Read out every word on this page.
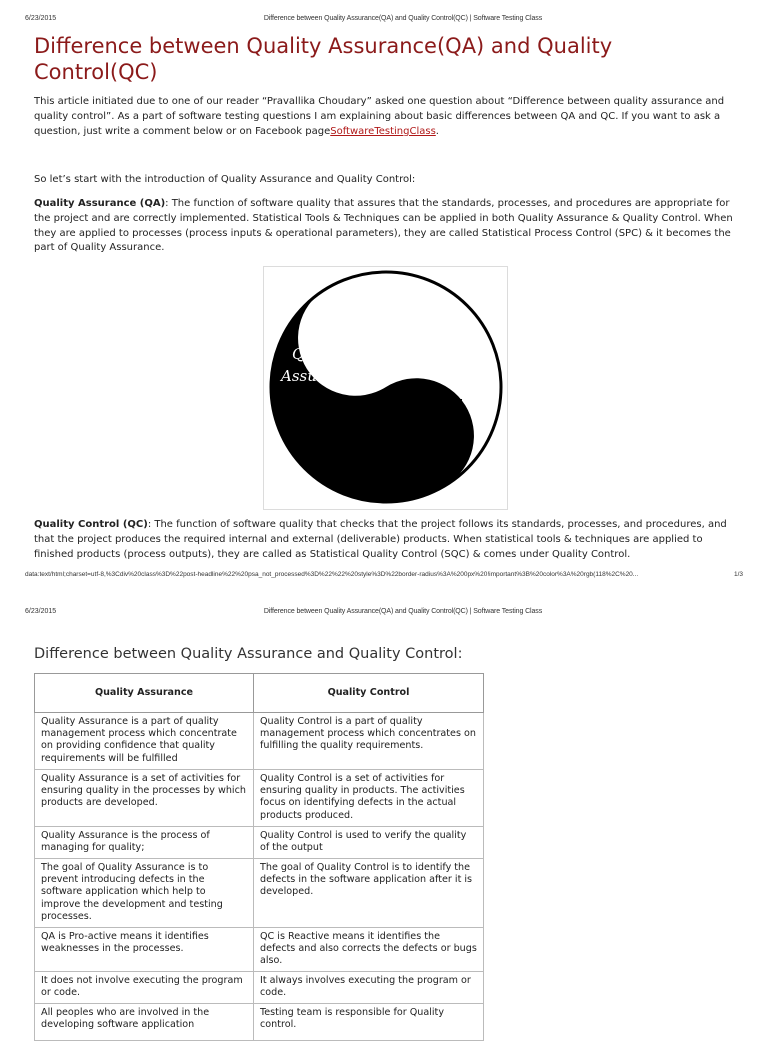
6/23/2015	Difference between Quality Assurance(QA) and Quality Control(QC) | Software Testing Class
Difference between Quality Assurance(QA) and Quality Control(QC)

This article initiated due to one of our reader “Pravallika Choudary” asked one question about “Difference between quality assurance and quality control”. As a part of software testing questions I am explaining about basic differences between QA and QC. If you want to ask a question, just write a comment below or on Facebook pageSoftwareTestingClass.

So let’s start with the introduction of Quality Assurance and Quality Control:

Quality Assurance (QA): The function of software quality that assures that the standards, processes, and procedures are appropriate for the project and are correctly implemented. Statistical Tools & Techniques can be applied in both Quality Assurance & Quality Control. When they are applied to processes (process inputs & operational parameters), they are called Statistical Process Control (SPC) & it becomes the part of Quality Assurance.

Quality
Assurance
Quality
Control

Quality Control (QC): The function of software quality that checks that the project follows its standards, processes, and procedures, and that the project produces the required internal and external (deliverable) products. When statistical tools & techniques are applied to finished products (process outputs), they are called as Statistical Quality Control (SQC) & comes under Quality Control.

data:text/html;charset=utf-8,%3Cdiv%20class%3D%22post-headline%22%20psa_not_processed%3D%22%22%20style%3D%22border-radius%3A%200px%20!important%3B%20color%3A%20rgb(118%2C%20...	1/3
6/23/2015	Difference between Quality Assurance(QA) and Quality Control(QC) | Software Testing Class
Difference between Quality Assurance and Quality Control:
Quality Assurance	Quality Control
Quality Assurance is a part of quality management process which concentrate on providing confidence that quality requirements will be fulfilled	Quality Control is a part of quality management process which concentrates on fulfilling the quality requirements.
Quality Assurance is a set of activities for ensuring quality in the processes by which products are developed.	Quality Control is a set of activities for ensuring quality in products. The activities focus on identifying defects in the actual products produced.
Quality Assurance is the process of managing for quality;	Quality Control is used to verify the quality of the output
The goal of Quality Assurance is to prevent introducing defects in the software application which help to improve the development and testing processes.	The goal of Quality Control is to identify the defects in the software application after it is developed.
QA is Pro-active means it identifies weaknesses in the processes.	QC is Reactive means it identifies the defects and also corrects the defects or bugs also.
It does not involve executing the program or code.	It always involves executing the program or code.
All peoples who are involved in the developing software application	Testing team is responsible for Quality control.
